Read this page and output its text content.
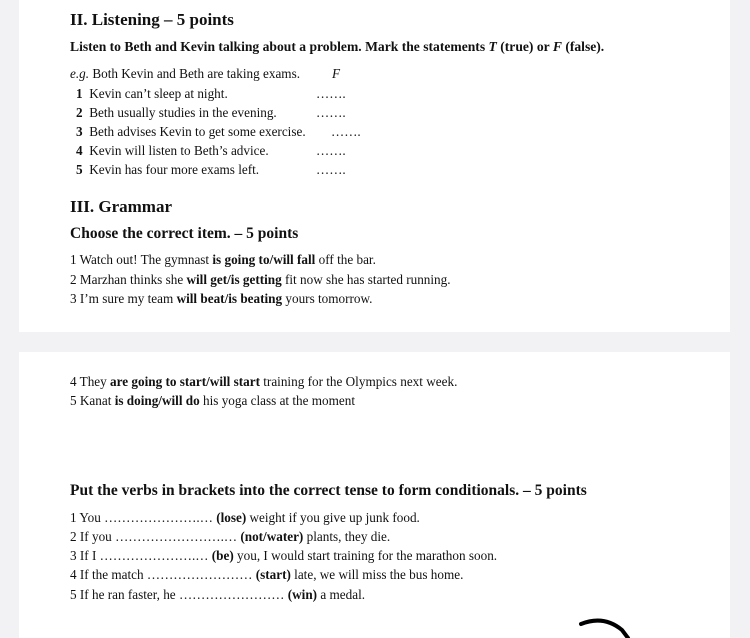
II. Listening – 5 points
Listen to Beth and Kevin talking about a problem. Mark the statements T (true) or F (false).
e.g. Both Kevin and Beth are taking exams. F
1 Kevin can’t sleep at night.	…….
2 Beth usually studies in the evening.	…….
3 Beth advises Kevin to get some exercise. …….
4 Kevin will listen to Beth’s advice.	…….
5 Kevin has four more exams left.	…….
III. Grammar
Choose the correct item. – 5 points
1 Watch out! The gymnast is going to/will fall off the bar.
2 Marzhan thinks she will get/is getting fit now she has started running.
3 I’m sure my team will beat/is beating yours tomorrow.
4 They are going to start/will start training for the Olympics next week.
5 Kanat is doing/will do his yoga class at the moment
Put the verbs in brackets into the correct tense to form conditionals. – 5 points
1 You ………………….… (lose) weight if you give up junk food.
2 If you …………………….… (not/water) plants, they die.
3 If I ………………….… (be) you, I would start training for the marathon soon.
4 If the match …………………… (start) late, we will miss the bus home.
5 If he ran faster, he …………………… (win) a medal.
